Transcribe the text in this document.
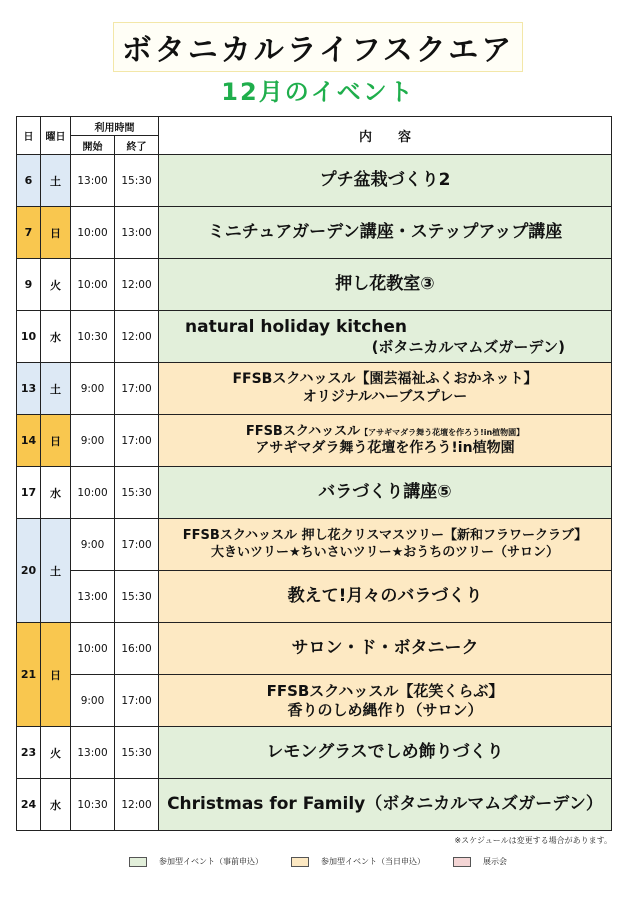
ボタニカルライフスクエア
12月のイベント
日	曜日	利用時間		内　　容
		開始	終了	
6	土	13:00	15:30	プチ盆栽づくり2

7	日	10:00	13:00	ミニチュアガーデン講座・ステップアップ講座

9	火	10:00	12:00	押し花教室③

10	水	10:30	12:00	natural holiday kitchen
(ボタニカルマムズガーデン)

13	土	9:00	17:00	FFSBスクハッスル【園芸福祉ふくおかネット】
オリジナルハーブスプレー

14	日	9:00	17:00	FFSBスクハッスル【アサギマダラ舞う花壇を作ろう!in植物園】
アサギマダラ舞う花壇を作ろう!in植物園

17	水	10:00	15:30	バラづくり講座⑤

20	土	9:00	17:00	FFSBスクハッスル 押し花クリスマスツリー【新和フラワークラブ】
大きいツリー★ちいさいツリー★おうちのツリー（サロン）

		13:00	15:30	教えて!月々のバラづくり

21	日	10:00	16:00	サロン・ド・ボタニーク

		9:00	17:00	FFSBスクハッスル【花笑くらぶ】
香りのしめ縄作り（サロン）

23	火	13:00	15:30	レモングラスでしめ飾りづくり

24	水	10:30	12:00	Christmas for Family（ボタニカルマムズガーデン）
※スケジュールは変更する場合があります。
参加型イベント（事前申込）	参加型イベント（当日申込）	展示会
